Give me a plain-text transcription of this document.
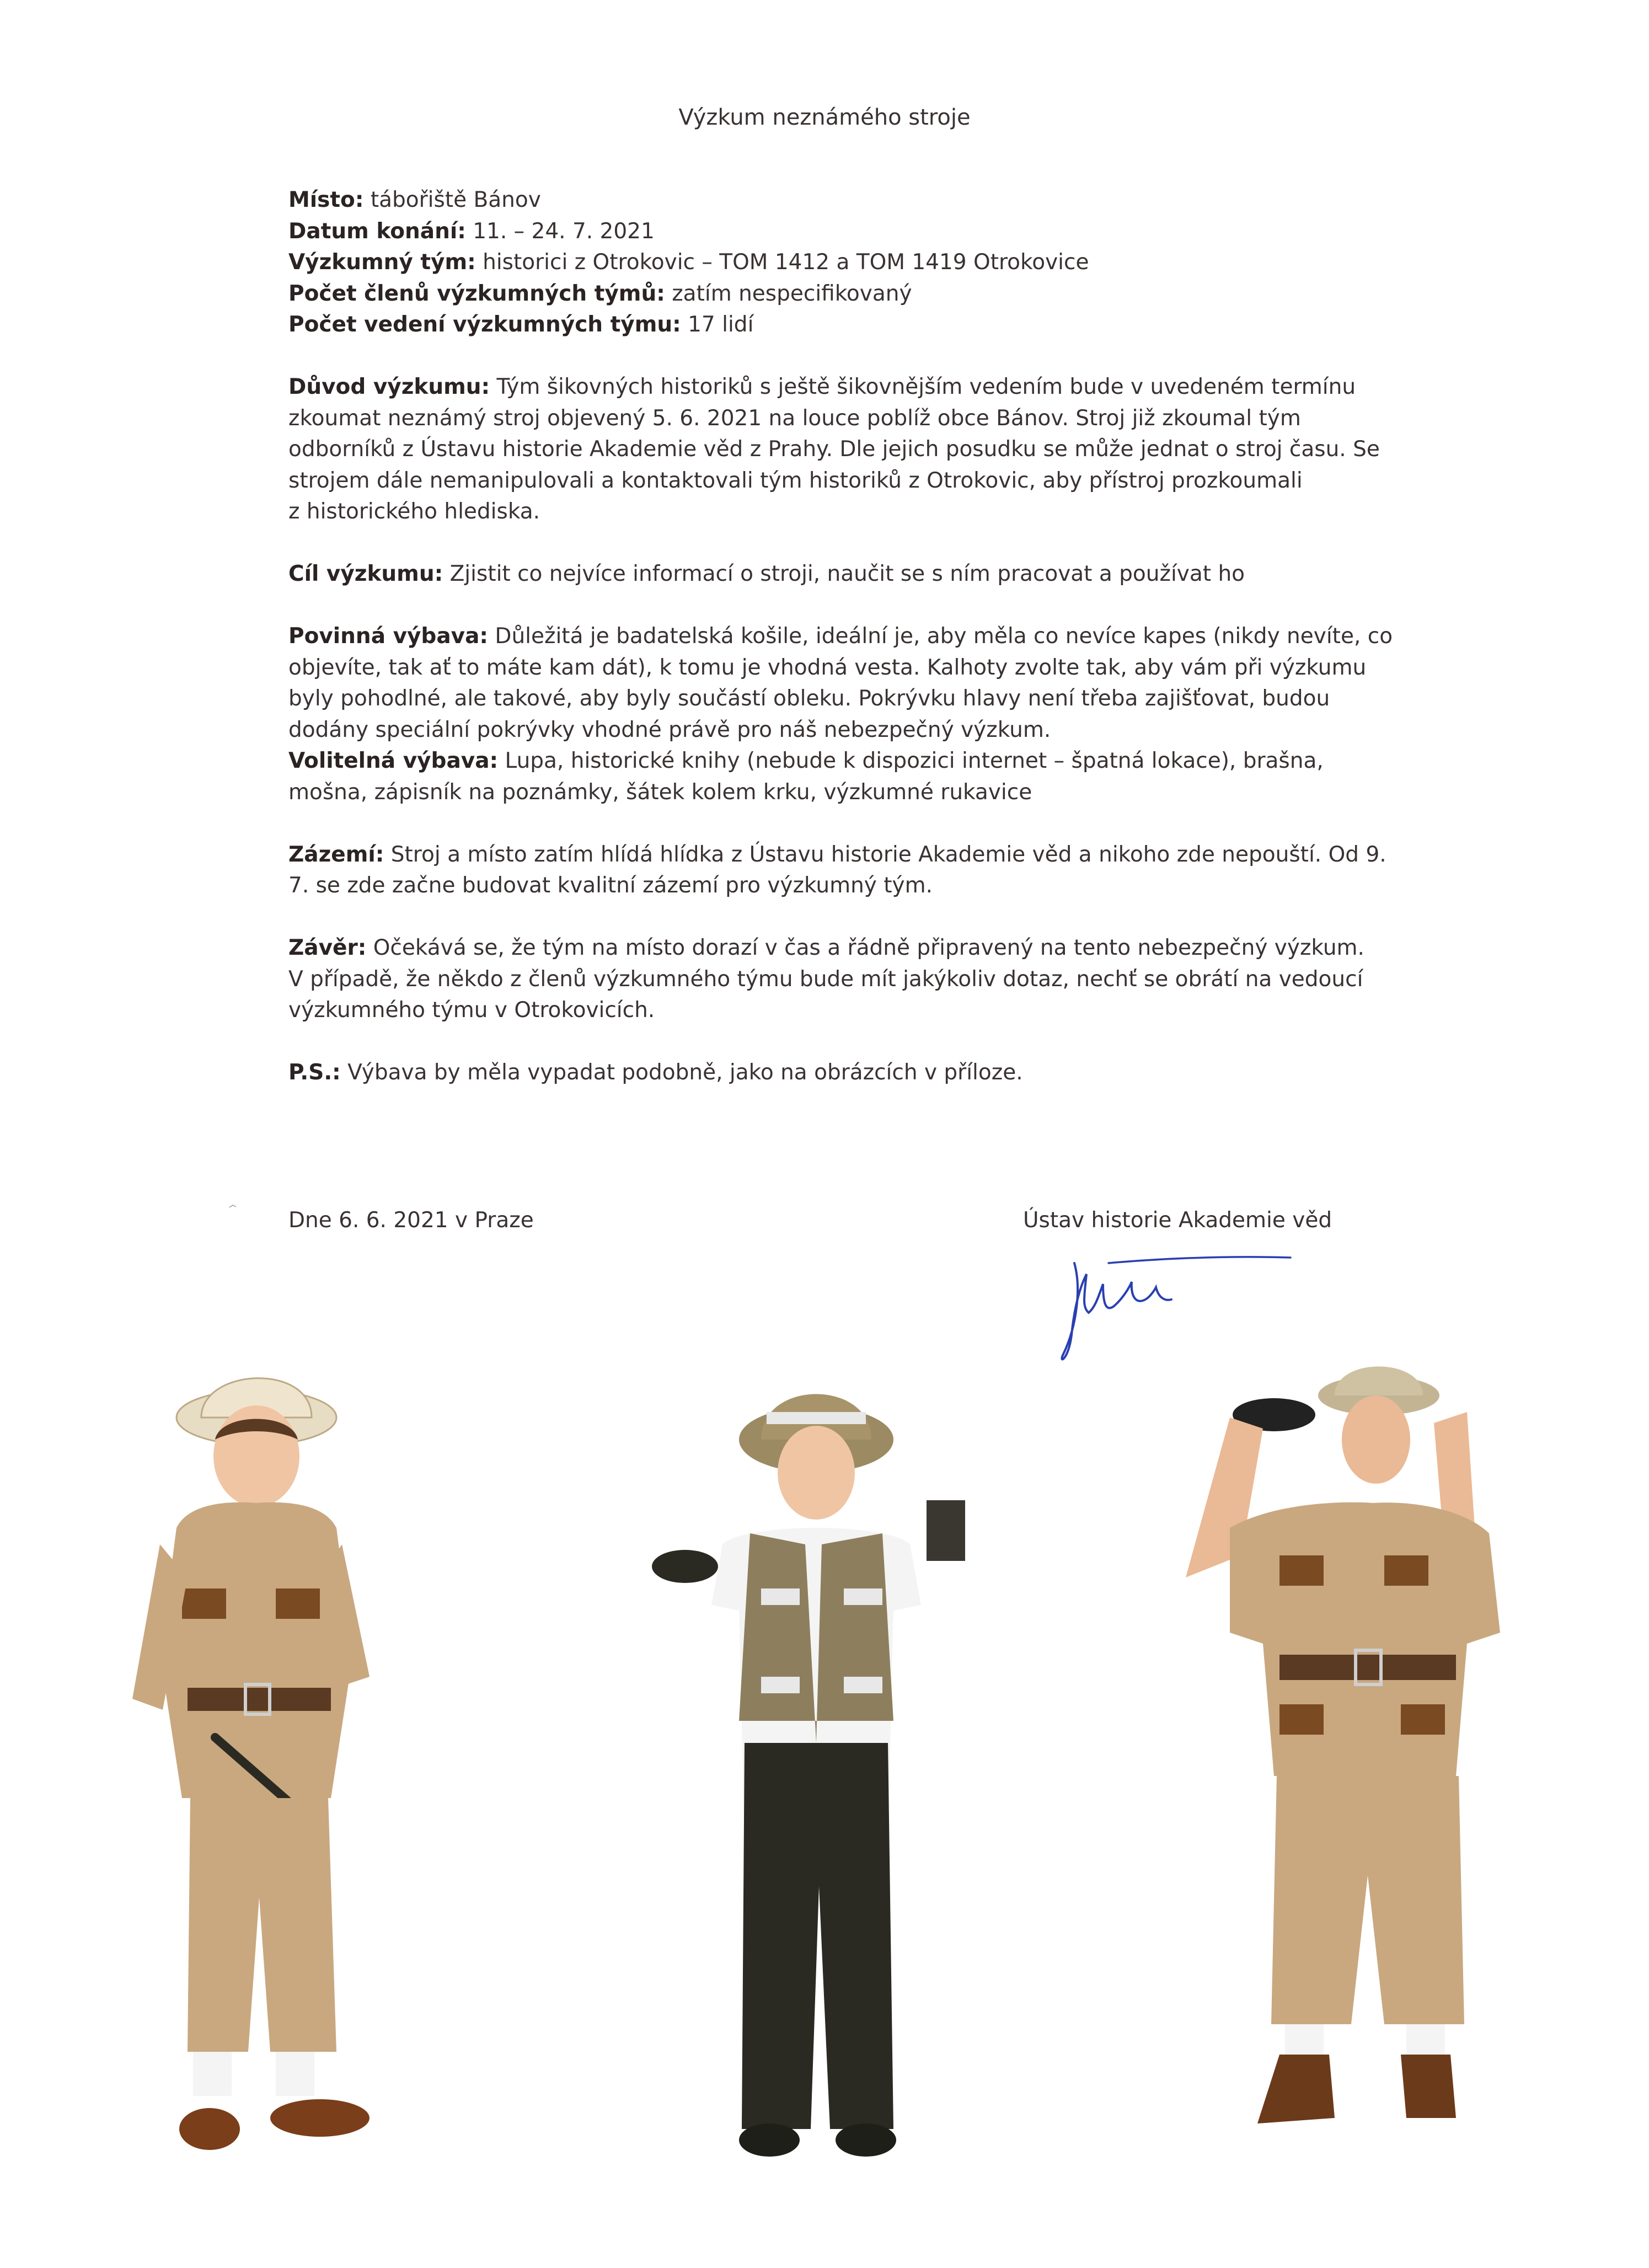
Výzkum neznámého stroje
Místo: tábořiště Bánov
Datum konání: 11. – 24. 7. 2021
Výzkumný tým: historici z Otrokovic – TOM 1412 a TOM 1419 Otrokovice
Počet členů výzkumných týmů: zatím nespecifikovaný
Počet vedení výzkumných týmu: 17 lidí
Důvod výzkumu: Tým šikovných historiků s ještě šikovnějším vedením bude v uvedeném termínu
zkoumat neznámý stroj objevený 5. 6. 2021 na louce poblíž obce Bánov. Stroj již zkoumal tým
odborníků z Ústavu historie Akademie věd z Prahy. Dle jejich posudku se může jednat o stroj času. Se
strojem dále nemanipulovali a kontaktovali tým historiků z Otrokovic, aby přístroj prozkoumali
z historického hlediska.
Cíl výzkumu: Zjistit co nejvíce informací o stroji, naučit se s ním pracovat a používat ho
Povinná výbava: Důležitá je badatelská košile, ideální je, aby měla co nevíce kapes (nikdy nevíte, co
objevíte, tak ať to máte kam dát), k tomu je vhodná vesta. Kalhoty zvolte tak, aby vám při výzkumu
byly pohodlné, ale takové, aby byly součástí obleku. Pokrývku hlavy není třeba zajišťovat, budou
dodány speciální pokrývky vhodné právě pro náš nebezpečný výzkum.
Volitelná výbava: Lupa, historické knihy (nebude k dispozici internet – špatná lokace), brašna,
mošna, zápisník na poznámky, šátek kolem krku, výzkumné rukavice
Zázemí: Stroj a místo zatím hlídá hlídka z Ústavu historie Akademie věd a nikoho zde nepouští. Od 9.
7. se zde začne budovat kvalitní zázemí pro výzkumný tým.
Závěr: Očekává se, že tým na místo dorazí v čas a řádně připravený na tento nebezpečný výzkum.
V případě, že někdo z členů výzkumného týmu bude mít jakýkoliv dotaz, nechť se obrátí na vedoucí
výzkumného týmu v Otrokovicích.
P.S.: Výbava by měla vypadat podobně, jako na obrázcích v příloze.
Dne 6. 6. 2021 v Praze	Ústav historie Akademie věd
